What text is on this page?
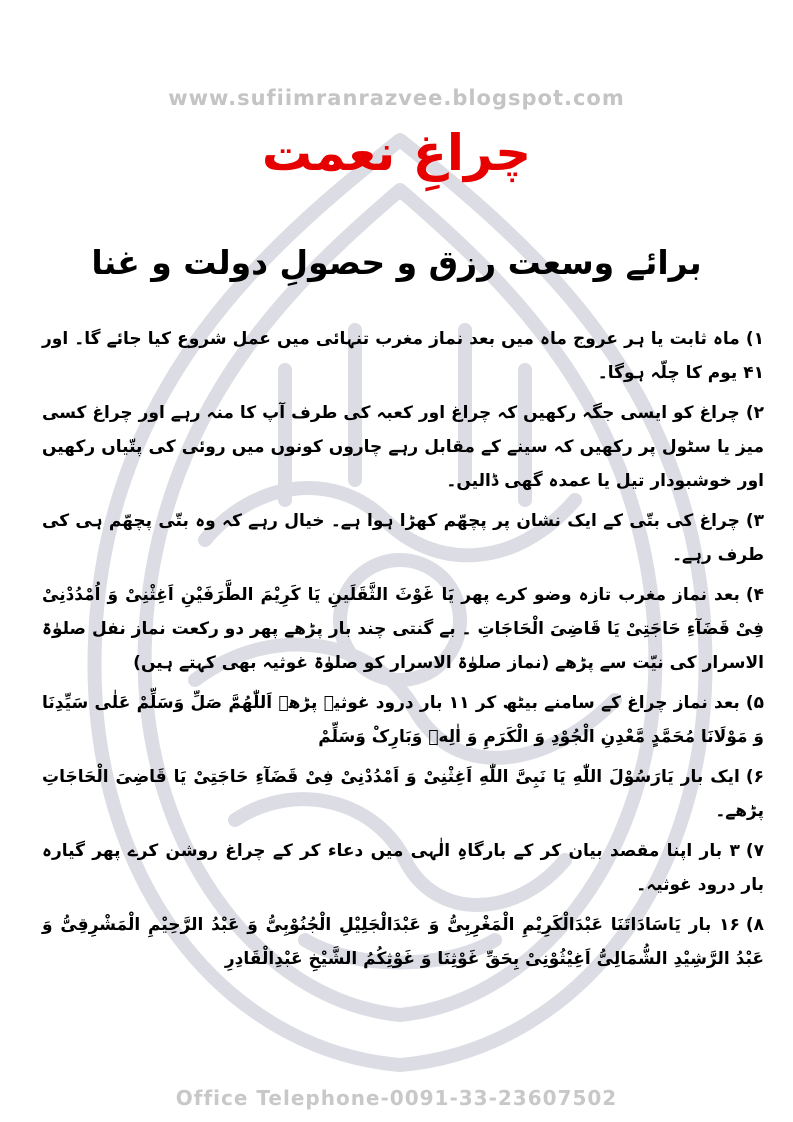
www.sufiimranrazvee.blogspot.com
چراغِ نعمت
برائے وسعت رزق و حصولِ دولت و غنا

۱)ماہ ثابت یا ہر عروج ماہ میں بعد نماز مغرب تنہائی میں عمل شروع کیا جائے گا۔ اور ۴۱ یوم کا چلّہ ہوگا۔

۲)چراغ کو ایسی جگہ رکھیں کہ چراغ اور کعبہ کی طرف آپ کا منہ رہے اور چراغ کسی میز یا سٹول پر رکھیں کہ سینے کے مقابل رہے چاروں کونوں میں روئی کی پتّیاں رکھیں اور خوشبودار تیل یا عمدہ گھی ڈالیں۔

۳)چراغ کی بتّی کے ایک نشان پر پچھّم کھڑا ہوا ہے۔ خیال رہے کہ وہ بتّی پچھّم ہی کی طرف رہے۔

۴)بعد نماز مغرب تازہ وضو کرے پھر یَا غَوْثَ الثَّقَلَینِ یَا کَرِیْمَ الطَّرَفَیْنِ اَغِثْنِیْ وَ اُمْدُدْنِیْ فِیْ قَضَآءِ حَاجَتِیْ یَا قَاضِیَ الْحَاجَاتِ ۔ بے گنتی چند بار پڑھے پھر دو رکعت نماز نفل صلوٰۃ الاسرار کی نیّت سے پڑھے (نماز صلوٰۃ الاسرار کو صلوٰۃ غوثیہ بھی کہتے ہیں)

۵)بعد نماز چراغ کے سامنے بیٹھ کر ۱۱ بار درود غوثیہ پڑھے اَللّٰهُمَّ صَلِّ وَسَلِّمْ عَلٰی سَیِّدِنَا وَ مَوْلَانَا مُحَمَّدٍ مَّعْدِنِ الْجُوْدِ وَ الْکَرَمِ وَ اٰلِهٖ وَبَارِکْ وَسَلِّمْ

۶)ایک بار یَارَسُوْلَ اللّٰهِ یَا نَبِیَّ اللّٰهِ اَغِثْنِیْ وَ اَمْدُدْنِیْ فِیْ قَضَآءِ حَاجَتِیْ یَا قَاضِیَ الْحَاجَاتِ پڑھے۔

۷)۳ بار اپنا مقصد بیان کر کے بارگاہِ الٰہی میں دعاء کر کے چراغ روشن کرے پھر گیارہ بار درود غوثیہ۔

۸)۱۶ بار یَاسَادَاتَنَا عَبْدَالْکَرِیْمِ الْمَغْرِبِیُّ وَ عَبْدَالْجَلِیْلِ الْجُنُوْبِیُّ وَ عَبْدُ الرَّحِیْمِ الْمَشْرِقِیُّ وَ عَبْدُ الرَّشِیْدِ الشُّمَالِیُّ اَغِیْثُوْنِیْ بِحَقِّ غَوْثِنَا وَ غَوْثِکُمُ الشَّیْخِ عَبْدِالْقَادِرِ

Office Telephone-0091-33-23607502
